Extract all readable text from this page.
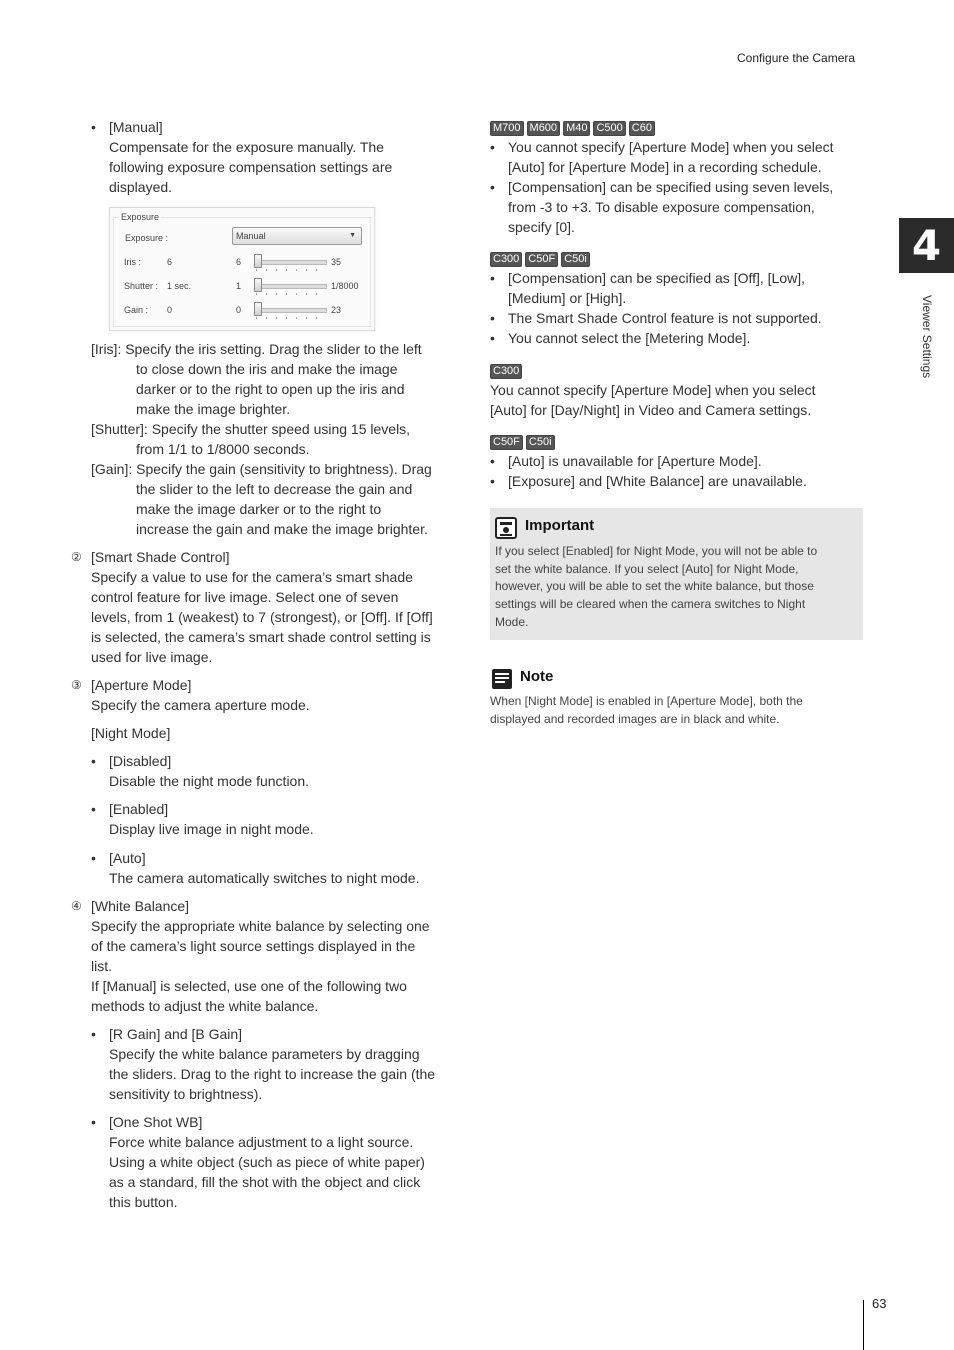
Configure the Camera
4
Viewer Settings
63
• [Manual]
Compensate for the exposure manually. The
following exposure compensation settings are
displayed.
Exposure
Exposure :	Manual	▼
Iris :	6	6	35
Shutter : 1 sec.	1	1/8000
Gain : 0	0	23
[Iris]: Specify the iris setting. Drag the slider to the left
to close down the iris and make the image
darker or to the right to open up the iris and
make the image brighter.
[Shutter]: Specify the shutter speed using 15 levels,
from 1/1 to 1/8000 seconds.
[Gain]: Specify the gain (sensitivity to brightness). Drag
the slider to the left to decrease the gain and
make the image darker or to the right to
increase the gain and make the image brighter.
② [Smart Shade Control]
Specify a value to use for the camera’s smart shade
control feature for live image. Select one of seven
levels, from 1 (weakest) to 7 (strongest), or [Off]. If [Off]
is selected, the camera’s smart shade control setting is
used for live image.
③ [Aperture Mode]
Specify the camera aperture mode.
[Night Mode]
• [Disabled]
Disable the night mode function.
• [Enabled]
Display live image in night mode.
• [Auto]
The camera automatically switches to night mode.
④ [White Balance]
Specify the appropriate white balance by selecting one
of the camera’s light source settings displayed in the
list.
If [Manual] is selected, use one of the following two
methods to adjust the white balance.
• [R Gain] and [B Gain]
Specify the white balance parameters by dragging
the sliders. Drag to the right to increase the gain (the
sensitivity to brightness).
• [One Shot WB]
Force white balance adjustment to a light source.
Using a white object (such as piece of white paper)
as a standard, fill the shot with the object and click
this button.
M700 M600 M40 C500 C60
• You cannot specify [Aperture Mode] when you select
[Auto] for [Aperture Mode] in a recording schedule.
• [Compensation] can be specified using seven levels,
from -3 to +3. To disable exposure compensation,
specify [0].
C300 C50F C50i
• [Compensation] can be specified as [Off], [Low],
[Medium] or [High].
• The Smart Shade Control feature is not supported.
• You cannot select the [Metering Mode].
C300
You cannot specify [Aperture Mode] when you select
[Auto] for [Day/Night] in Video and Camera settings.
C50F C50i
• [Auto] is unavailable for [Aperture Mode].
• [Exposure] and [White Balance] are unavailable.
Important
If you select [Enabled] for Night Mode, you will not be able to
set the white balance. If you select [Auto] for Night Mode,
however, you will be able to set the white balance, but those
settings will be cleared when the camera switches to Night
Mode.
Note
When [Night Mode] is enabled in [Aperture Mode], both the
displayed and recorded images are in black and white.
